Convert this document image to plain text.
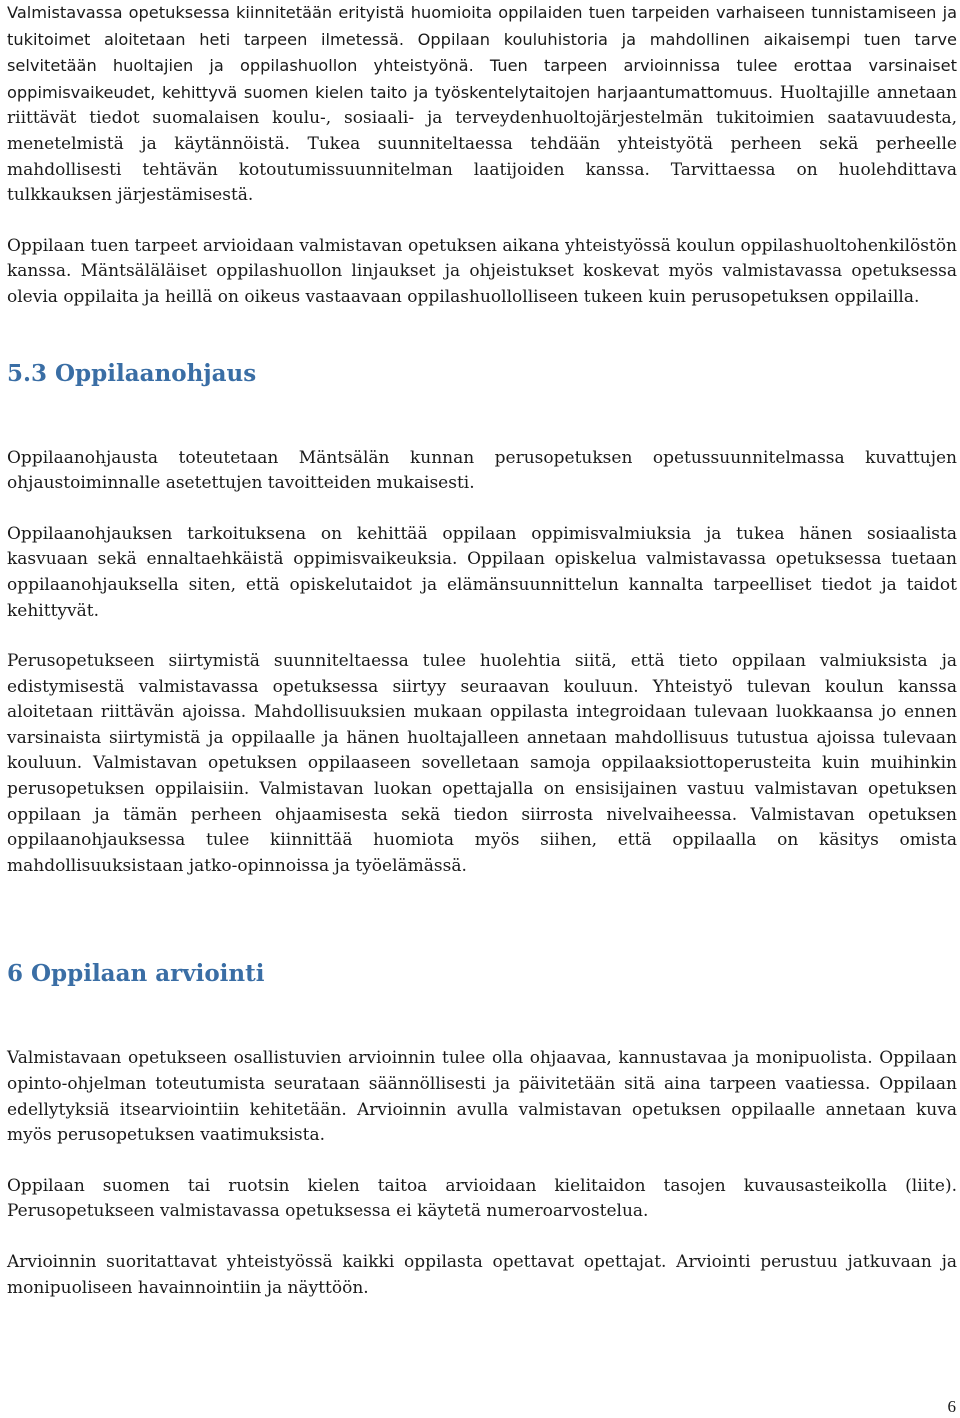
Valmistavassa opetuksessa kiinnitetään erityistä huomioita oppilaiden tuen tarpeiden varhaiseen tunnistamiseen ja tukitoimet aloitetaan heti tarpeen ilmetessä. Oppilaan kouluhistoria ja mahdollinen aikaisempi tuen tarve selvitetään huoltajien ja oppilashuollon yhteistyönä. Tuen tarpeen arvioinnissa tulee erottaa varsinaiset oppimisvaikeudet, kehittyvä suomen kielen taito ja työskentelytaitojen harjaantumattomuus. Huoltajille annetaan riittävät tiedot suomalaisen koulu-, sosiaali- ja terveydenhuoltojärjestelmän tukitoimien saatavuudesta, menetelmistä ja käytännöistä. Tukea suunniteltaessa tehdään yhteistyötä perheen sekä perheelle mahdollisesti tehtävän kotoutumissuunnitelman laatijoiden kanssa. Tarvittaessa on huolehdittava tulkkauksen järjestämisestä.

Oppilaan tuen tarpeet arvioidaan valmistavan opetuksen aikana yhteistyössä koulun oppilashuoltohenkilöstön kanssa. Mäntsäläläiset oppilashuollon linjaukset ja ohjeistukset koskevat myös valmistavassa opetuksessa olevia oppilaita ja heillä on oikeus vastaavaan oppilashuollolliseen tukeen kuin perusopetuksen oppilailla.

5.3 Oppilaanohjaus

Oppilaanohjausta toteutetaan Mäntsälän kunnan perusopetuksen opetussuunnitelmassa kuvattujen ohjaustoiminnalle asetettujen tavoitteiden mukaisesti.

Oppilaanohjauksen tarkoituksena on kehittää oppilaan oppimisvalmiuksia ja tukea hänen sosiaalista kasvuaan sekä ennaltaehkäistä oppimisvaikeuksia. Oppilaan opiskelua valmistavassa opetuksessa tuetaan oppilaanohjauksella siten, että opiskelutaidot ja elämänsuunnittelun kannalta tarpeelliset tiedot ja taidot kehittyvät.

Perusopetukseen siirtymistä suunniteltaessa tulee huolehtia siitä, että tieto oppilaan valmiuksista ja edistymisestä valmistavassa opetuksessa siirtyy seuraavan kouluun. Yhteistyö tulevan koulun kanssa aloitetaan riittävän ajoissa. Mahdollisuuksien mukaan oppilasta integroidaan tulevaan luokkaansa jo ennen varsinaista siirtymistä ja oppilaalle ja hänen huoltajalleen annetaan mahdollisuus tutustua ajoissa tulevaan kouluun. Valmistavan opetuksen oppilaaseen sovelletaan samoja oppilaaksiottoperusteita kuin muihinkin perusopetuksen oppilaisiin. Valmistavan luokan opettajalla on ensisijainen vastuu valmistavan opetuksen oppilaan ja tämän perheen ohjaamisesta sekä tiedon siirrosta nivelvaiheessa. Valmistavan opetuksen oppilaanohjauksessa tulee kiinnittää huomiota myös siihen, että oppilaalla on käsitys omista mahdollisuuksistaan jatko-opinnoissa ja työelämässä.

6 Oppilaan arviointi

Valmistavaan opetukseen osallistuvien arvioinnin tulee olla ohjaavaa, kannustavaa ja monipuolista. Oppilaan opinto-ohjelman toteutumista seurataan säännöllisesti ja päivitetään sitä aina tarpeen vaatiessa. Oppilaan edellytyksiä itsearviointiin kehitetään. Arvioinnin avulla valmistavan opetuksen oppilaalle annetaan kuva myös perusopetuksen vaatimuksista.

Oppilaan suomen tai ruotsin kielen taitoa arvioidaan kielitaidon tasojen kuvausasteikolla (liite). Perusopetukseen valmistavassa opetuksessa ei käytetä numeroarvostelua.

Arvioinnin suoritattavat yhteistyössä kaikki oppilasta opettavat opettajat. Arviointi perustuu jatkuvaan ja monipuoliseen havainnointiin ja näyttöön.

6
